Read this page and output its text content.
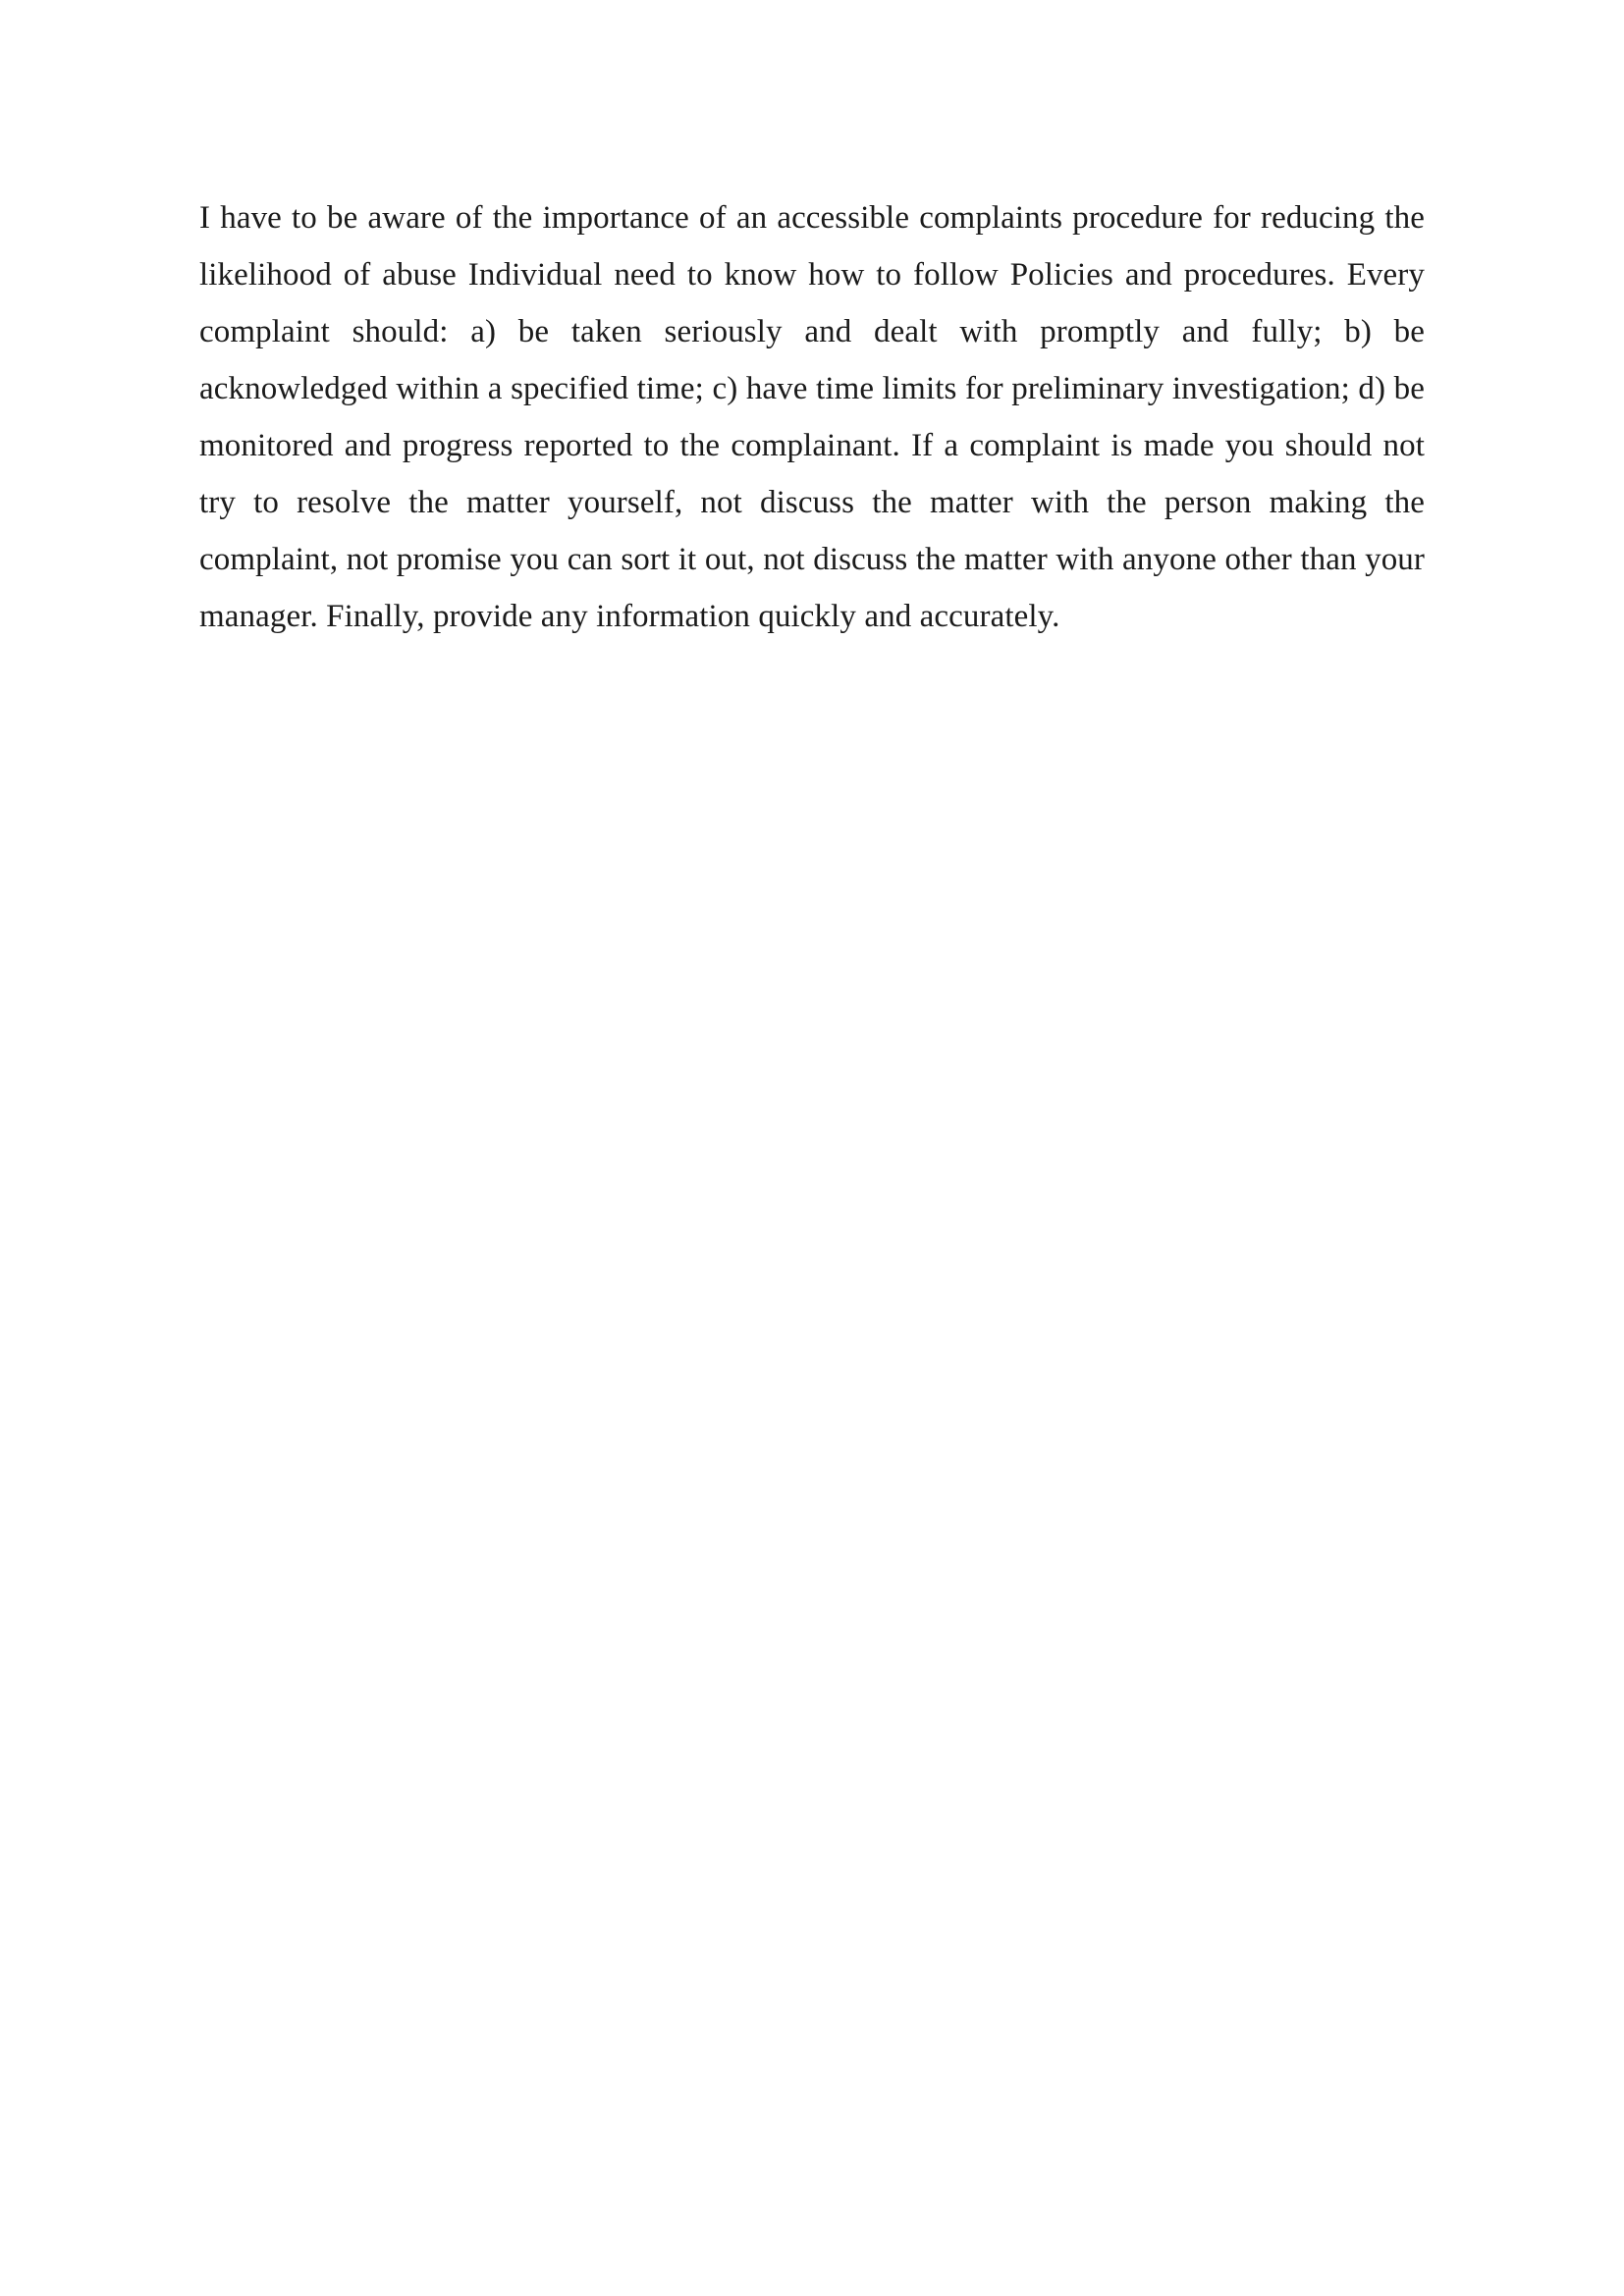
I have to be aware of the importance of an accessible complaints procedure for reducing the likelihood of abuse Individual need to know how to follow Policies and procedures. Every complaint should: a) be taken seriously and dealt with promptly and fully; b) be acknowledged within a specified time; c) have time limits for preliminary investigation; d) be monitored and progress reported to the complainant. If a complaint is made you should not try to resolve the matter yourself, not discuss the matter with the person making the complaint, not promise you can sort it out, not discuss the matter with anyone other than your manager. Finally, provide any information quickly and accurately.
